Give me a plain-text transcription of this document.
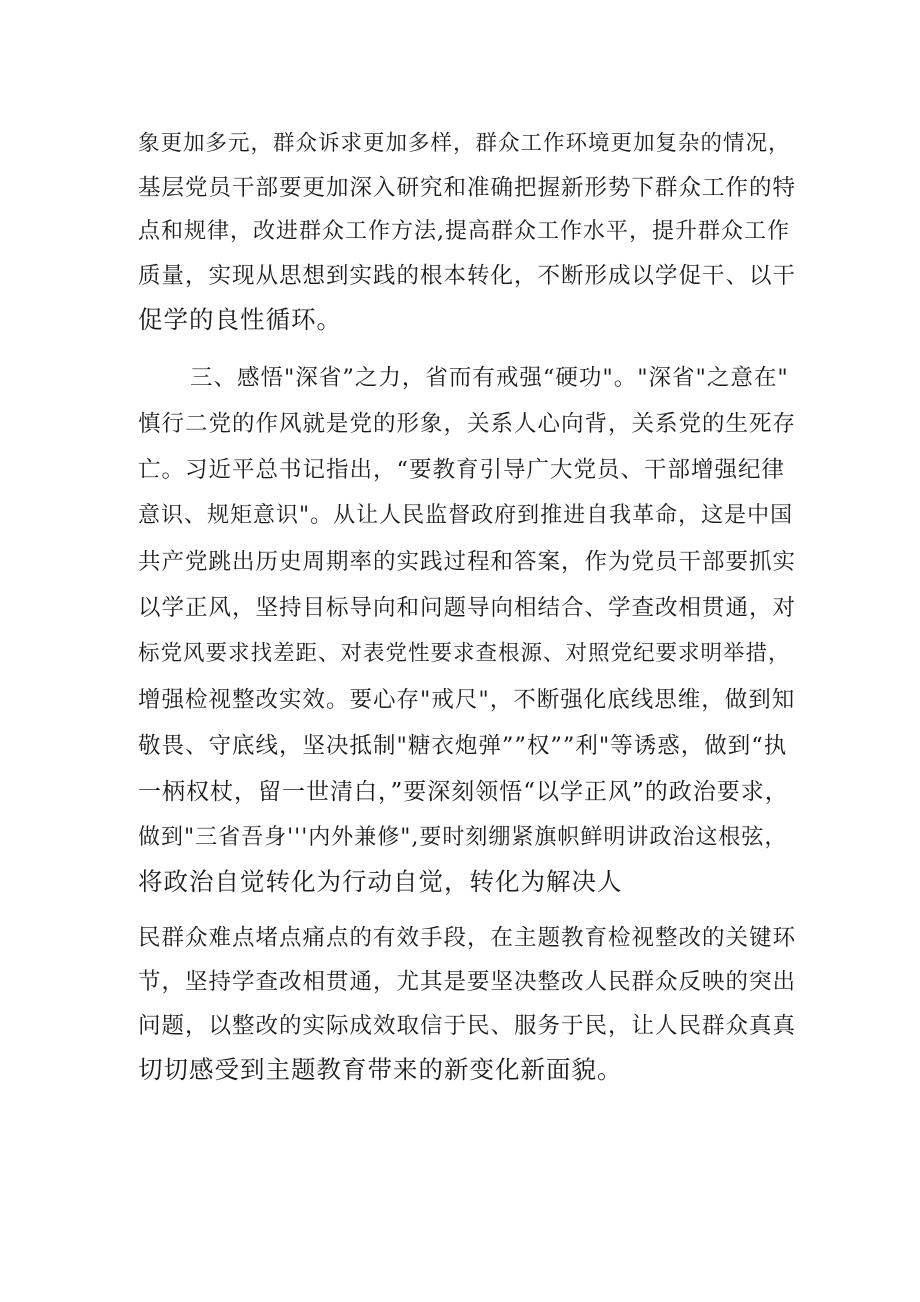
象更加多元，群众诉求更加多样，群众工作环境更加复杂的情况，
基层党员干部要更加深入研究和准确把握新形势下群众工作的特
点和规律，改进群众工作方法,提高群众工作水平，提升群众工作
质量，实现从思想到实践的根本转化，不断形成以学促干、以干
促学的良性循环。
三、感悟"深省”之力，省而有戒强“硬功"。"深省"之意在"
慎行二党的作风就是党的形象，关系人心向背，关系党的生死存
亡。习近平总书记指出，“要教育引导广大党员、干部增强纪律
意识、规矩意识"。从让人民监督政府到推进自我革命，这是中国
共产党跳出历史周期率的实践过程和答案，作为党员干部要抓实
以学正风，坚持目标导向和问题导向相结合、学查改相贯通，对
标党风要求找差距、对表党性要求查根源、对照党纪要求明举措，
增强检视整改实效。要心存"戒尺"，不断强化底线思维，做到知
敬畏、守底线，坚决抵制"糖衣炮弹””权””利"等诱惑，做到“执
一柄权杖，留一世清白，”要深刻领悟“以学正风”的政治要求，
做到"三省吾身'''内外兼修",要时刻绷紧旗帜鲜明讲政治这根弦，
将政治自觉转化为行动自觉，转化为解决人
民群众难点堵点痛点的有效手段，在主题教育检视整改的关键环
节，坚持学查改相贯通，尤其是要坚决整改人民群众反映的突出
问题，以整改的实际成效取信于民、服务于民，让人民群众真真
切切感受到主题教育带来的新变化新面貌。
